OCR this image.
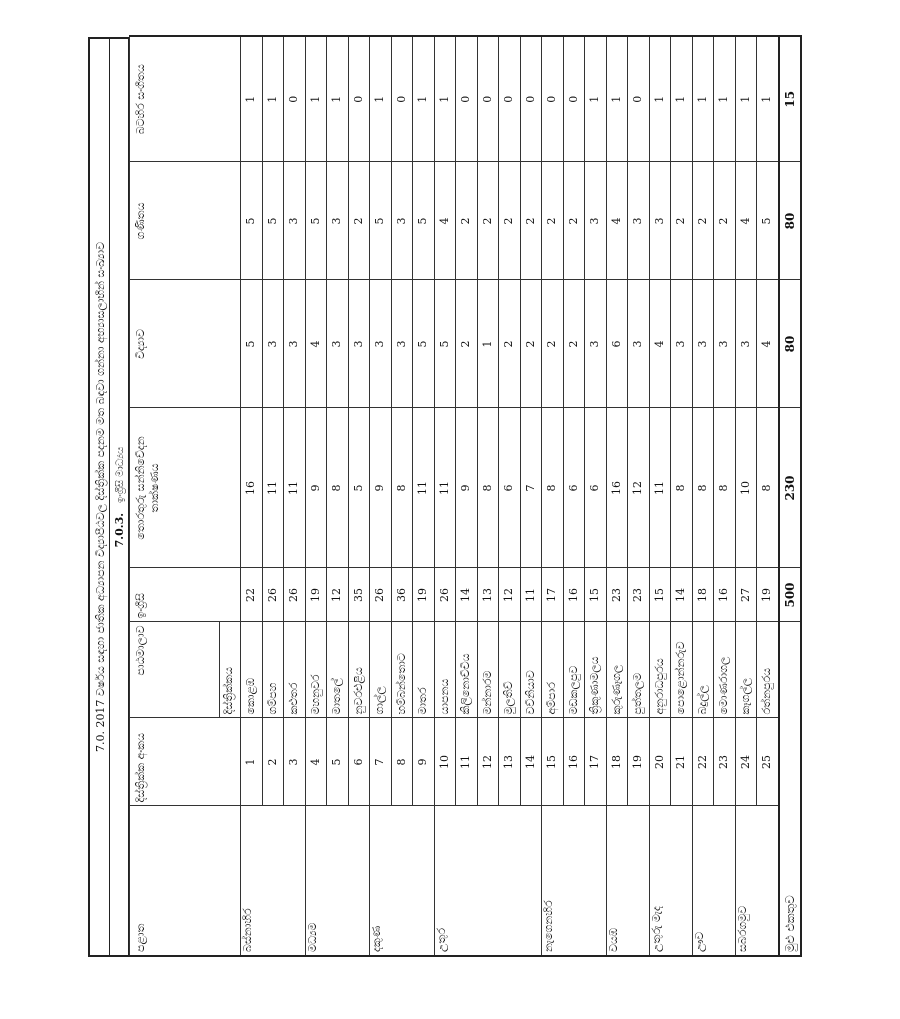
7.0. 2017 වර්ෂය සඳහා ජාතික අධ්‍යාපන විද්‍යාපීඨවල දිස්ත්‍රික්ක පදනම මත බඳවා ගන්නා අභ්‍යාසලාභීන් සංඛ්‍යාව 7.0.3. ඉංග්‍රීසි මාධ්‍යය
පළාත	දිස්ත්‍රික්ක අංකය	පාඨමාලාව	ඉංග්‍රීසි	තොරතුරු සන්නිවේදන තාක්ෂණය	විද්‍යාව	ගණිතය	බටහිර සංගීතය
		දිස්ත්‍රික්කය					
බස්නාහිර	1	කොළඹ	22	16	5	5	1
	2	ගම්පහ	26	11	3	5	1
	3	කළුතර	26	11	3	3	0
මධ්‍යම	4	මහනුවර	19	9	4	5	1
	5	මාතලේ	12	8	3	3	1
	6	නුවරඑළිය	35	5	3	2	0
දකුණ	7	ගාල්ල	26	9	3	5	1
	8	හම්බන්තොට	36	8	3	3	0
	9	මාතර	19	11	5	5	1
උතුර	10	යාපනය	26	11	5	4	1
	11	කිලිනොච්චිය	14	9	2	2	0
	12	මන්නාරම	13	8	1	2	0
	13	මුලතිව්	12	6	2	2	0
	14	වව්නියාව	11	7	2	2	0
නැගෙනහිර	15	අම්පාර	17	8	2	2	0
	16	මඩකලපුව	16	6	2	2	0
	17	ත්‍රිකුණාමලය	15	6	3	3	1
වයඹ	18	කුරුණෑගල	23	16	6	4	1
	19	පුත්තලම	23	12	3	3	0
උතුරු මැද	20	අනුරාධපුරය	15	11	4	3	1
	21	පොළොන්නරුව	14	8	3	2	1
ඌව	22	බදුල්ල	18	8	3	2	1
	23	මොණරාගල	16	8	3	2	1
සබරගමුව	24	කෑගල්ල	27	10	3	4	1
	25	රත්නපුරය	19	8	4	5	1
මුළු එකතුව			500	230	80	80	15
